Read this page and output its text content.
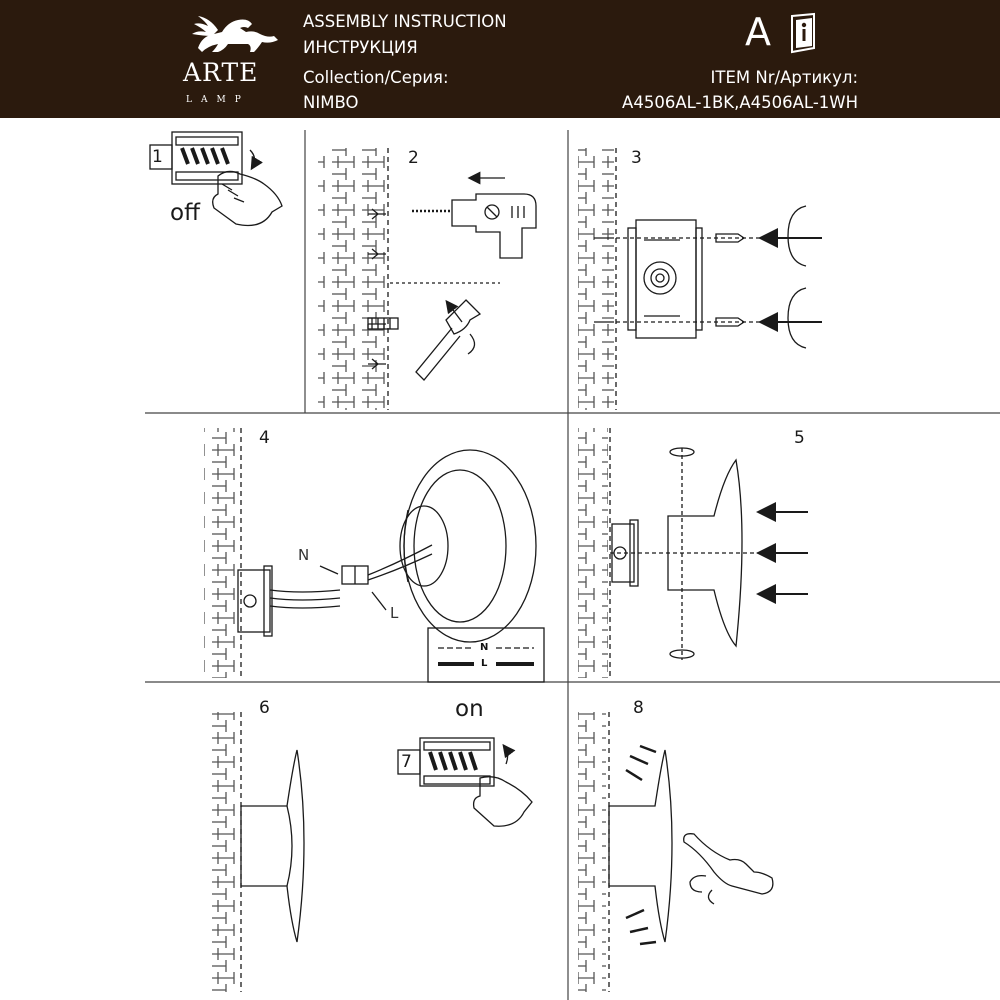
ARTE
LAMP
ASSEMBLY INSTRUCTION
ИНСТРУКЦИЯ
Collection/Серия:
NIMBO
A
ITEM Nr/Артикул:
A4506AL-1BK,A4506AL-1WH
1	2	3
4	5
6
7
8
off
on
N
L
N
L
